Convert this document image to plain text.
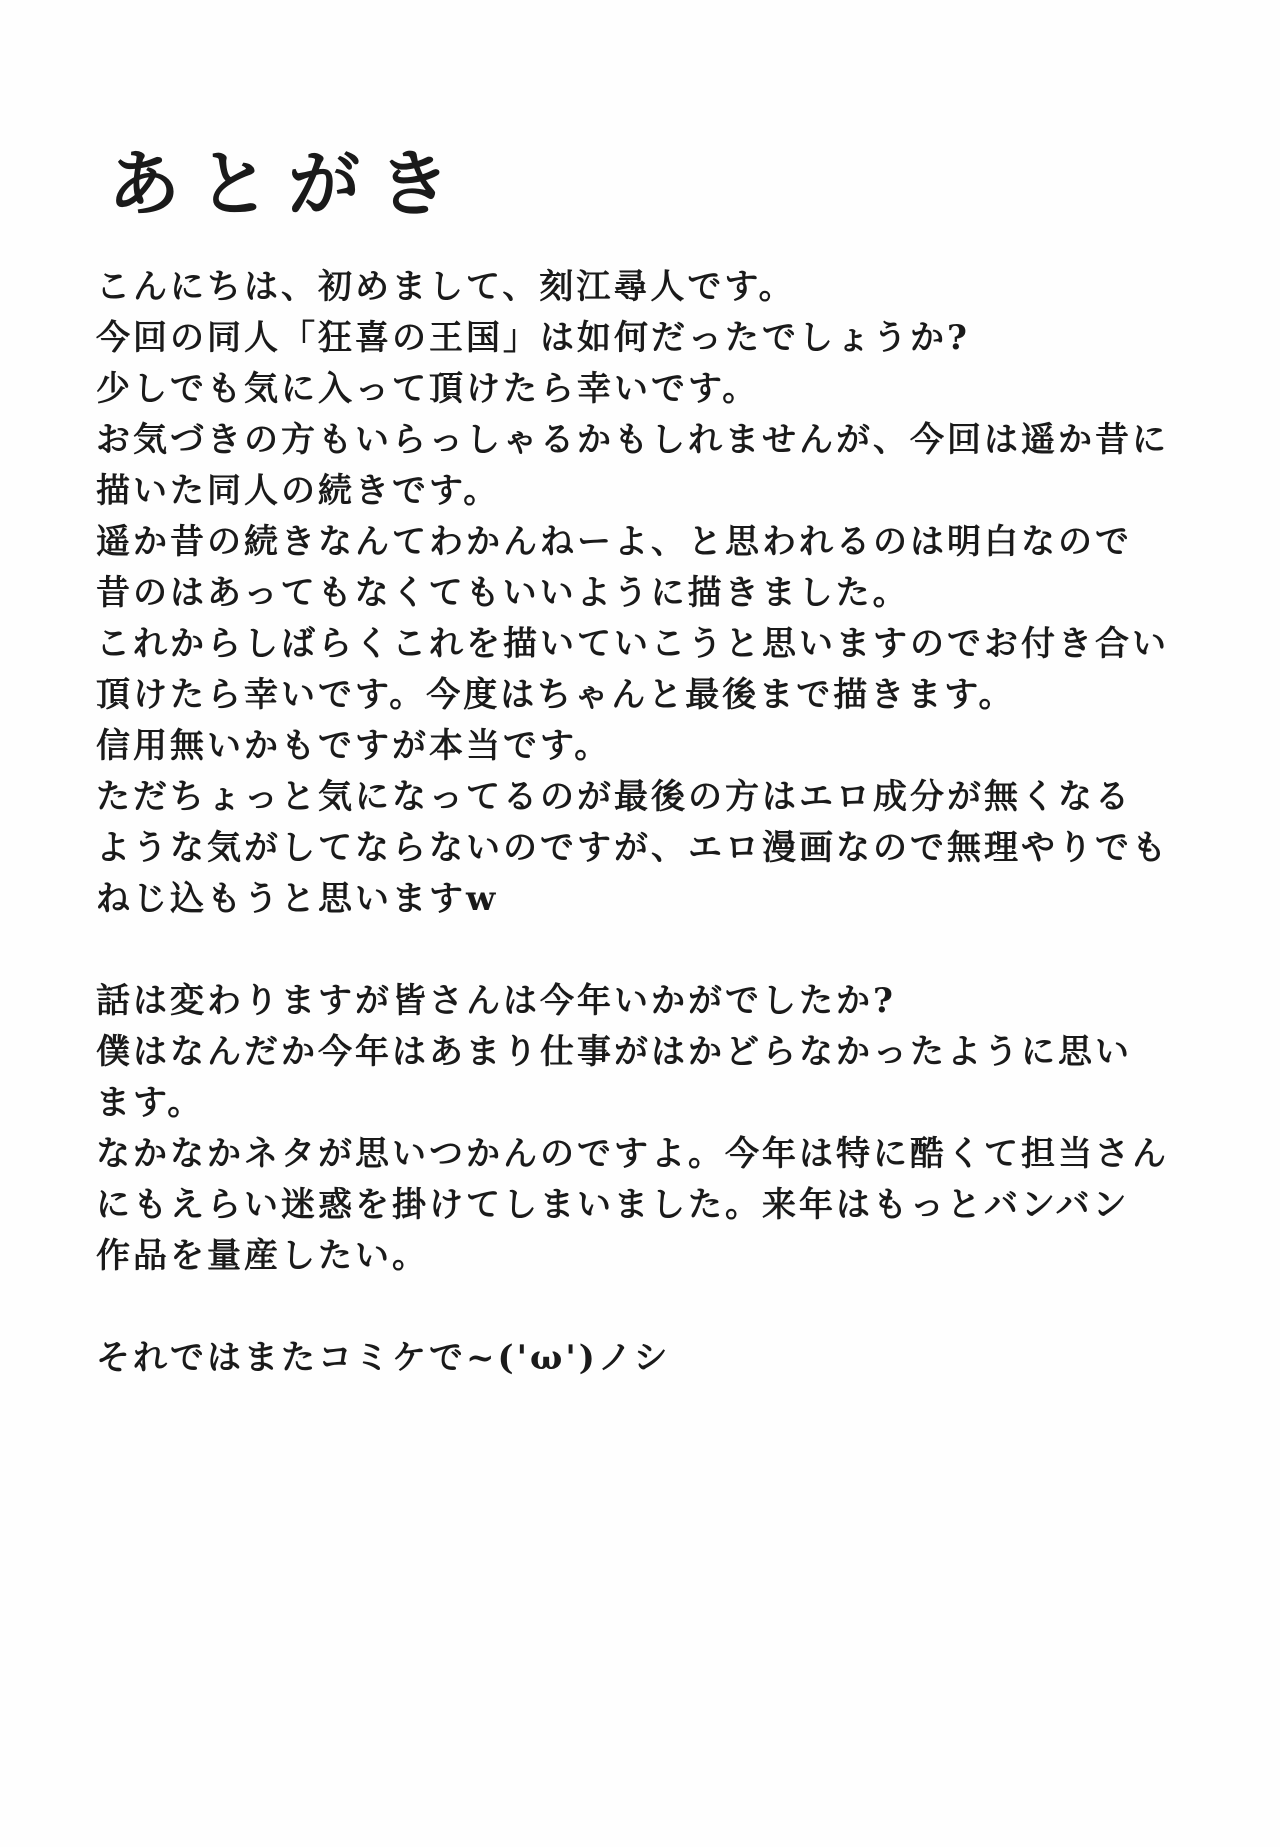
あとがき
こんにちは、初めまして、刻江尋人です。
今回の同人「狂喜の王国」は如何だったでしょうか?
少しでも気に入って頂けたら幸いです。
お気づきの方もいらっしゃるかもしれませんが、今回は遥か昔に
描いた同人の続きです。
遥か昔の続きなんてわかんねーよ、と思われるのは明白なので
昔のはあってもなくてもいいように描きました。
これからしばらくこれを描いていこうと思いますのでお付き合い
頂けたら幸いです。今度はちゃんと最後まで描きます。
信用無いかもですが本当です。
ただちょっと気になってるのが最後の方はエロ成分が無くなる
ような気がしてならないのですが、エロ漫画なので無理やりでも
ねじ込もうと思いますw
話は変わりますが皆さんは今年いかがでしたか?
僕はなんだか今年はあまり仕事がはかどらなかったように思い
ます。
なかなかネタが思いつかんのですよ。今年は特に酷くて担当さん
にもえらい迷惑を掛けてしまいました。来年はもっとバンバン
作品を量産したい。
それではまたコミケで~('ω')ノシ
